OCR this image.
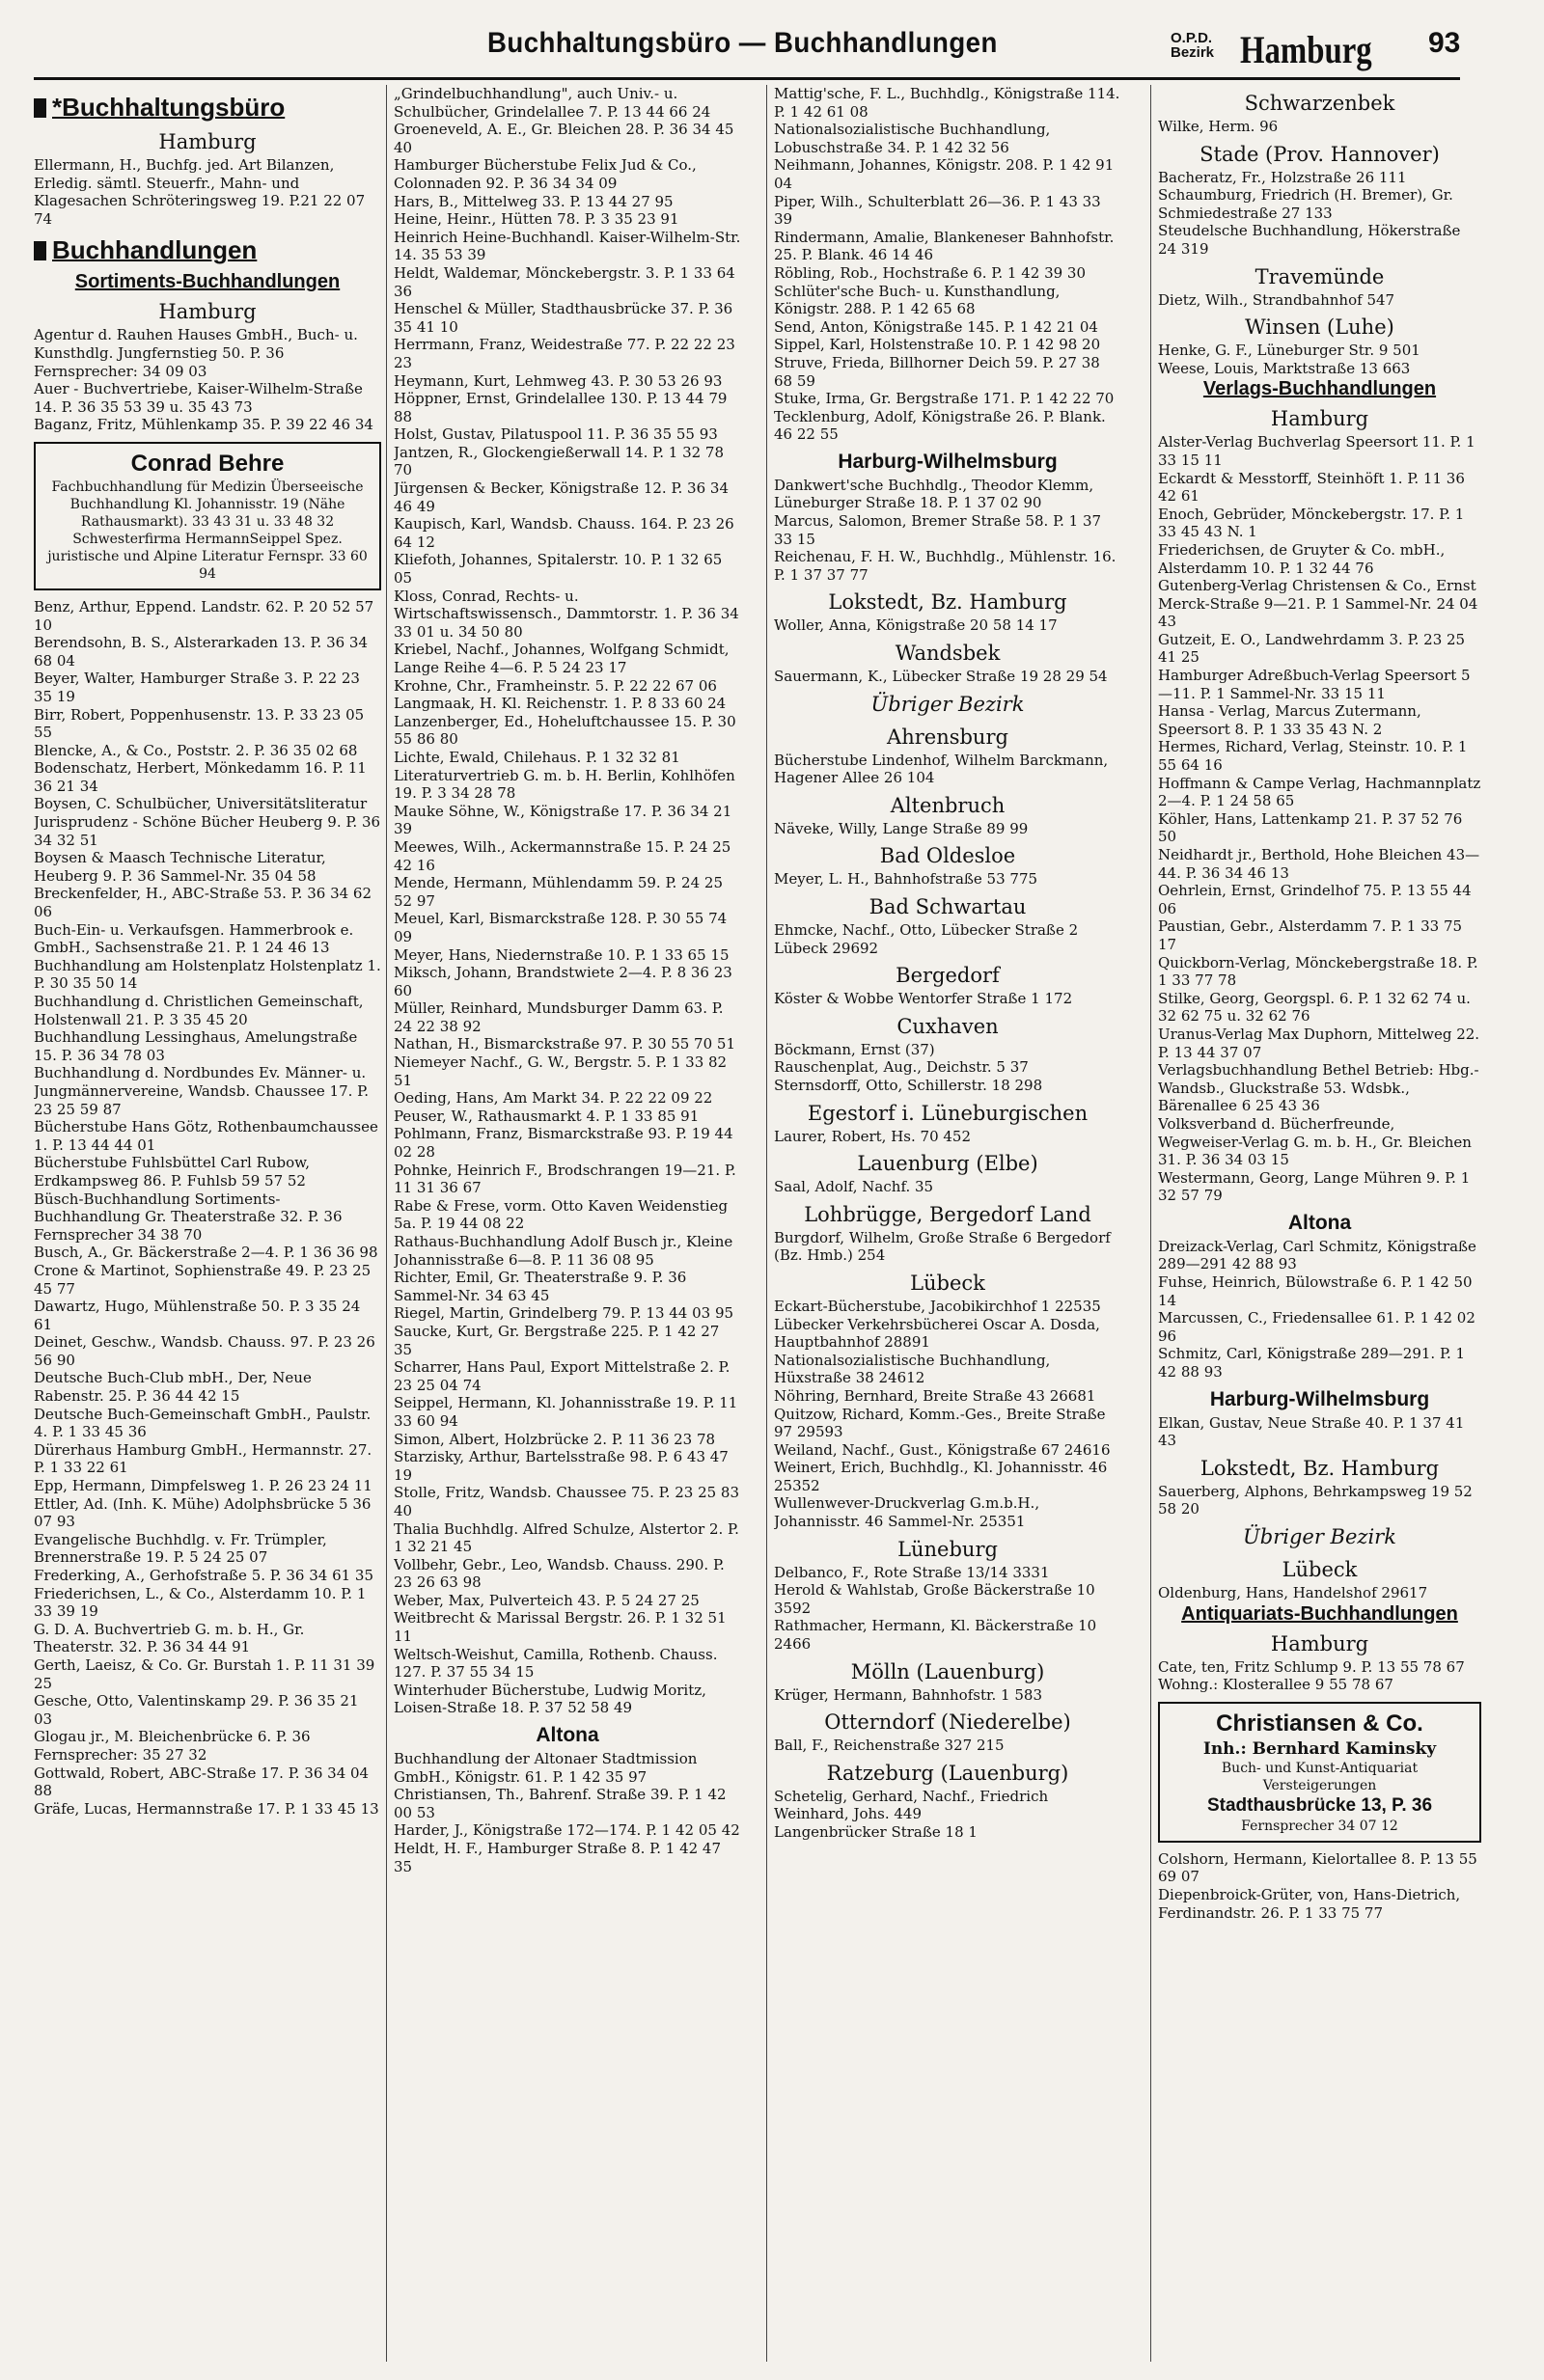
Buchhaltungsbüro — Buchhandlungen	O.P.D.
Bezirk Hamburg 93
*Buchhaltungsbüro
Hamburg

Ellermann, H., Buchfg. jed. Art Bilanzen, Erledig. sämtl. Steuerfr., Mahn- und Klagesachen Schröteringsweg 19. P.21 22 07 74

Buchhandlungen
Sortiments-Buchhandlungen
Hamburg

Agentur d. Rauhen Hauses GmbH., Buch- u. Kunsthdlg. Jungfernstieg 50. P. 36 Fernsprecher: 34 09 03

Auer - Buchvertriebe, Kaiser-Wilhelm-Straße 14. P. 36 35 53 39 u. 35 43 73

Baganz, Fritz, Mühlenkamp 35. P. 39 22 46 34

Conrad Behre
Fachbuchhandlung für Medizin Überseeische Buchhandlung Kl. Johannisstr. 19 (Nähe Rathausmarkt). 33 43 31 u. 33 48 32 Schwesterfirma HermannSeippel Spez. juristische und Alpine Literatur Fernspr. 33 60 94

Benz, Arthur, Eppend. Landstr. 62. P. 20 52 57 10

Berendsohn, B. S., Alsterarkaden 13. P. 36 34 68 04

Beyer, Walter, Hamburger Straße 3. P. 22 23 35 19

Birr, Robert, Poppenhusenstr. 13. P. 33 23 05 55

Blencke, A., & Co., Poststr. 2. P. 36 35 02 68

Bodenschatz, Herbert, Mönkedamm 16. P. 11 36 21 34

Boysen, C. Schulbücher, Universitätsliteratur Jurisprudenz - Schöne Bücher Heuberg 9. P. 36 34 32 51

Boysen & Maasch Technische Literatur, Heuberg 9. P. 36 Sammel-Nr. 35 04 58

Breckenfelder, H., ABC-Straße 53. P. 36 34 62 06

Buch-Ein- u. Verkaufsgen. Hammerbrook e. GmbH., Sachsenstraße 21. P. 1 24 46 13

Buchhandlung am Holstenplatz Holstenplatz 1. P. 30 35 50 14

Buchhandlung d. Christlichen Gemeinschaft, Holstenwall 21. P. 3 35 45 20

Buchhandlung Lessinghaus, Amelungstraße 15. P. 36 34 78 03

Buchhandlung d. Nordbundes Ev. Männer- u. Jungmännervereine, Wandsb. Chaussee 17. P. 23 25 59 87

Bücherstube Hans Götz, Rothenbaumchaussee 1. P. 13 44 44 01

Bücherstube Fuhlsbüttel Carl Rubow, Erdkampsweg 86. P. Fuhlsb 59 57 52

Büsch-Buchhandlung Sortiments-Buchhandlung Gr. Theaterstraße 32. P. 36 Fernsprecher 34 38 70

Busch, A., Gr. Bäckerstraße 2—4. P. 1 36 36 98

Crone & Martinot, Sophienstraße 49. P. 23 25 45 77

Dawartz, Hugo, Mühlenstraße 50. P. 3 35 24 61

Deinet, Geschw., Wandsb. Chauss. 97. P. 23 26 56 90

Deutsche Buch-Club mbH., Der, Neue Rabenstr. 25. P. 36 44 42 15

Deutsche Buch-Gemeinschaft GmbH., Paulstr. 4. P. 1 33 45 36

Dürerhaus Hamburg GmbH., Hermannstr. 27. P. 1 33 22 61

Epp, Hermann, Dimpfelsweg 1. P. 26 23 24 11

Ettler, Ad. (Inh. K. Mühe) Adolphsbrücke 5 36 07 93

Evangelische Buchhdlg. v. Fr. Trümpler, Brennerstraße 19. P. 5 24 25 07

Frederking, A., Gerhofstraße 5. P. 36 34 61 35

Friederichsen, L., & Co., Alsterdamm 10. P. 1 33 39 19

G. D. A. Buchvertrieb G. m. b. H., Gr. Theaterstr. 32. P. 36 34 44 91

Gerth, Laeisz, & Co. Gr. Burstah 1. P. 11 31 39 25

Gesche, Otto, Valentinskamp 29. P. 36 35 21 03

Glogau jr., M. Bleichenbrücke 6. P. 36 Fernsprecher: 35 27 32

Gottwald, Robert, ABC-Straße 17. P. 36 34 04 88

Gräfe, Lucas, Hermannstraße 17. P. 1 33 45 13

„Grindelbuchhandlung", auch Univ.- u. Schulbücher, Grindelallee 7. P. 13 44 66 24

Groeneveld, A. E., Gr. Bleichen 28. P. 36 34 45 40

Hamburger Bücherstube Felix Jud & Co., Colonnaden 92. P. 36 34 34 09

Hars, B., Mittelweg 33. P. 13 44 27 95

Heine, Heinr., Hütten 78. P. 3 35 23 91

Heinrich Heine-Buchhandl. Kaiser-Wilhelm-Str. 14. 35 53 39

Heldt, Waldemar, Mönckebergstr. 3. P. 1 33 64 36

Henschel & Müller, Stadthausbrücke 37. P. 36 35 41 10

Herrmann, Franz, Weidestraße 77. P. 22 22 23 23

Heymann, Kurt, Lehmweg 43. P. 30 53 26 93

Höppner, Ernst, Grindelallee 130. P. 13 44 79 88

Holst, Gustav, Pilatuspool 11. P. 36 35 55 93

Jantzen, R., Glockengießerwall 14. P. 1 32 78 70

Jürgensen & Becker, Königstraße 12. P. 36 34 46 49

Kaupisch, Karl, Wandsb. Chauss. 164. P. 23 26 64 12

Kliefoth, Johannes, Spitalerstr. 10. P. 1 32 65 05

Kloss, Conrad, Rechts- u. Wirtschaftswissensch., Dammtorstr. 1. P. 36 34 33 01 u. 34 50 80

Kriebel, Nachf., Johannes, Wolfgang Schmidt, Lange Reihe 4—6. P. 5 24 23 17

Krohne, Chr., Framheinstr. 5. P. 22 22 67 06

Langmaak, H. Kl. Reichenstr. 1. P. 8 33 60 24

Lanzenberger, Ed., Hoheluftchaussee 15. P. 30 55 86 80

Lichte, Ewald, Chilehaus. P. 1 32 32 81

Literaturvertrieb G. m. b. H. Berlin, Kohlhöfen 19. P. 3 34 28 78

Mauke Söhne, W., Königstraße 17. P. 36 34 21 39

Meewes, Wilh., Ackermannstraße 15. P. 24 25 42 16

Mende, Hermann, Mühlendamm 59. P. 24 25 52 97

Meuel, Karl, Bismarckstraße 128. P. 30 55 74 09

Meyer, Hans, Niedernstraße 10. P. 1 33 65 15

Miksch, Johann, Brandstwiete 2—4. P. 8 36 23 60

Müller, Reinhard, Mundsburger Damm 63. P. 24 22 38 92

Nathan, H., Bismarckstraße 97. P. 30 55 70 51

Niemeyer Nachf., G. W., Bergstr. 5. P. 1 33 82 51

Oeding, Hans, Am Markt 34. P. 22 22 09 22

Peuser, W., Rathausmarkt 4. P. 1 33 85 91

Pohlmann, Franz, Bismarckstraße 93. P. 19 44 02 28

Pohnke, Heinrich F., Brodschrangen 19—21. P. 11 31 36 67

Rabe & Frese, vorm. Otto Kaven Weidenstieg 5a. P. 19 44 08 22

Rathaus-Buchhandlung Adolf Busch jr., Kleine Johannisstraße 6—8. P. 11 36 08 95

Richter, Emil, Gr. Theaterstraße 9. P. 36 Sammel-Nr. 34 63 45

Riegel, Martin, Grindelberg 79. P. 13 44 03 95

Saucke, Kurt, Gr. Bergstraße 225. P. 1 42 27 35

Scharrer, Hans Paul, Export Mittelstraße 2. P. 23 25 04 74

Seippel, Hermann, Kl. Johannisstraße 19. P. 11 33 60 94

Simon, Albert, Holzbrücke 2. P. 11 36 23 78

Starzisky, Arthur, Bartelsstraße 98. P. 6 43 47 19

Stolle, Fritz, Wandsb. Chaussee 75. P. 23 25 83 40

Thalia Buchhdlg. Alfred Schulze, Alstertor 2. P. 1 32 21 45

Vollbehr, Gebr., Leo, Wandsb. Chauss. 290. P. 23 26 63 98

Weber, Max, Pulverteich 43. P. 5 24 27 25

Weitbrecht & Marissal Bergstr. 26. P. 1 32 51 11

Weltsch-Weishut, Camilla, Rothenb. Chauss. 127. P. 37 55 34 15

Winterhuder Bücherstube, Ludwig Moritz, Loisen-Straße 18. P. 37 52 58 49

Altona

Buchhandlung der Altonaer Stadtmission GmbH., Königstr. 61. P. 1 42 35 97

Christiansen, Th., Bahrenf. Straße 39. P. 1 42 00 53

Harder, J., Königstraße 172—174. P. 1 42 05 42

Heldt, H. F., Hamburger Straße 8. P. 1 42 47 35

Mattig'sche, F. L., Buchhdlg., Königstraße 114. P. 1 42 61 08

Nationalsozialistische Buchhandlung, Lobuschstraße 34. P. 1 42 32 56

Neihmann, Johannes, Königstr. 208. P. 1 42 91 04

Piper, Wilh., Schulterblatt 26—36. P. 1 43 33 39

Rindermann, Amalie, Blankeneser Bahnhofstr. 25. P. Blank. 46 14 46

Röbling, Rob., Hochstraße 6. P. 1 42 39 30

Schlüter'sche Buch- u. Kunsthandlung, Königstr. 288. P. 1 42 65 68

Send, Anton, Königstraße 145. P. 1 42 21 04

Sippel, Karl, Holstenstraße 10. P. 1 42 98 20

Struve, Frieda, Billhorner Deich 59. P. 27 38 68 59

Stuke, Irma, Gr. Bergstraße 171. P. 1 42 22 70

Tecklenburg, Adolf, Königstraße 26. P. Blank. 46 22 55

Harburg-Wilhelmsburg

Dankwert'sche Buchhdlg., Theodor Klemm, Lüneburger Straße 18. P. 1 37 02 90

Marcus, Salomon, Bremer Straße 58. P. 1 37 33 15

Reichenau, F. H. W., Buchhdlg., Mühlenstr. 16. P. 1 37 37 77

Lokstedt, Bz. Hamburg

Woller, Anna, Königstraße 20 58 14 17

Wandsbek

Sauermann, K., Lübecker Straße 19 28 29 54

Übriger Bezirk
Ahrensburg

Bücherstube Lindenhof, Wilhelm Barckmann, Hagener Allee 26 104

Altenbruch

Näveke, Willy, Lange Straße 89 99

Bad Oldesloe

Meyer, L. H., Bahnhofstraße 53 775

Bad Schwartau

Ehmcke, Nachf., Otto, Lübecker Straße 2 Lübeck 29692

Bergedorf

Köster & Wobbe Wentorfer Straße 1 172

Cuxhaven

Böckmann, Ernst (37)

Rauschenplat, Aug., Deichstr. 5 37

Sternsdorff, Otto, Schillerstr. 18 298

Egestorf i. Lüneburgischen

Laurer, Robert, Hs. 70 452

Lauenburg (Elbe)

Saal, Adolf, Nachf. 35

Lohbrügge, Bergedorf Land

Burgdorf, Wilhelm, Große Straße 6 Bergedorf (Bz. Hmb.) 254

Lübeck

Eckart-Bücherstube, Jacobikirchhof 1 22535

Lübecker Verkehrsbücherei Oscar A. Dosda, Hauptbahnhof 28891

Nationalsozialistische Buchhandlung, Hüxstraße 38 24612

Nöhring, Bernhard, Breite Straße 43 26681

Quitzow, Richard, Komm.-Ges., Breite Straße 97 29593

Weiland, Nachf., Gust., Königstraße 67 24616

Weinert, Erich, Buchhdlg., Kl. Johannisstr. 46 25352

Wullenwever-Druckverlag G.m.b.H., Johannisstr. 46 Sammel-Nr. 25351

Lüneburg

Delbanco, F., Rote Straße 13/14 3331

Herold & Wahlstab, Große Bäckerstraße 10 3592

Rathmacher, Hermann, Kl. Bäckerstraße 10 2466

Mölln (Lauenburg)

Krüger, Hermann, Bahnhofstr. 1 583

Otterndorf (Niederelbe)

Ball, F., Reichenstraße 327 215

Ratzeburg (Lauenburg)

Schetelig, Gerhard, Nachf., Friedrich Weinhard, Johs. 449

Langenbrücker Straße 18 1

Schwarzenbek

Wilke, Herm. 96

Stade (Prov. Hannover)

Bacheratz, Fr., Holzstraße 26 111

Schaumburg, Friedrich (H. Bremer), Gr. Schmiedestraße 27 133

Steudelsche Buchhandlung, Hökerstraße 24 319

Travemünde

Dietz, Wilh., Strandbahnhof 547

Winsen (Luhe)

Henke, G. F., Lüneburger Str. 9 501

Weese, Louis, Marktstraße 13 663

Verlags-Buchhandlungen
Hamburg

Alster-Verlag Buchverlag Speersort 11. P. 1 33 15 11

Eckardt & Messtorff, Steinhöft 1. P. 11 36 42 61

Enoch, Gebrüder, Mönckebergstr. 17. P. 1 33 45 43 N. 1

Friederichsen, de Gruyter & Co. mbH., Alsterdamm 10. P. 1 32 44 76

Gutenberg-Verlag Christensen & Co., Ernst Merck-Straße 9—21. P. 1 Sammel-Nr. 24 04 43

Gutzeit, E. O., Landwehrdamm 3. P. 23 25 41 25

Hamburger Adreßbuch-Verlag Speersort 5—11. P. 1 Sammel-Nr. 33 15 11

Hansa - Verlag, Marcus Zutermann, Speersort 8. P. 1 33 35 43 N. 2

Hermes, Richard, Verlag, Steinstr. 10. P. 1 55 64 16

Hoffmann & Campe Verlag, Hachmannplatz 2—4. P. 1 24 58 65

Köhler, Hans, Lattenkamp 21. P. 37 52 76 50

Neidhardt jr., Berthold, Hohe Bleichen 43—44. P. 36 34 46 13

Oehrlein, Ernst, Grindelhof 75. P. 13 55 44 06

Paustian, Gebr., Alsterdamm 7. P. 1 33 75 17

Quickborn-Verlag, Mönckebergstraße 18. P. 1 33 77 78

Stilke, Georg, Georgspl. 6. P. 1 32 62 74 u. 32 62 75 u. 32 62 76

Uranus-Verlag Max Duphorn, Mittelweg 22. P. 13 44 37 07

Verlagsbuchhandlung Bethel Betrieb: Hbg.-Wandsb., Gluckstraße 53. Wdsbk., Bärenallee 6 25 43 36

Volksverband d. Bücherfreunde, Wegweiser-Verlag G. m. b. H., Gr. Bleichen 31. P. 36 34 03 15

Westermann, Georg, Lange Mühren 9. P. 1 32 57 79

Altona

Dreizack-Verlag, Carl Schmitz, Königstraße 289—291 42 88 93

Fuhse, Heinrich, Bülowstraße 6. P. 1 42 50 14

Marcussen, C., Friedensallee 61. P. 1 42 02 96

Schmitz, Carl, Königstraße 289—291. P. 1 42 88 93

Harburg-Wilhelmsburg

Elkan, Gustav, Neue Straße 40. P. 1 37 41 43

Lokstedt, Bz. Hamburg

Sauerberg, Alphons, Behrkampsweg 19 52 58 20

Übriger Bezirk
Lübeck

Oldenburg, Hans, Handelshof 29617

Antiquariats-Buchhandlungen
Hamburg

Cate, ten, Fritz Schlump 9. P. 13 55 78 67 Wohng.: Klosterallee 9 55 78 67

Christiansen & Co.
Inh.: Bernhard Kaminsky
Buch- und Kunst-Antiquariat Versteigerungen
Stadthausbrücke 13, P. 36
Fernsprecher 34 07 12

Colshorn, Hermann, Kielortallee 8. P. 13 55 69 07

Diepenbroick-Grüter, von, Hans-Dietrich, Ferdinandstr. 26. P. 1 33 75 77
